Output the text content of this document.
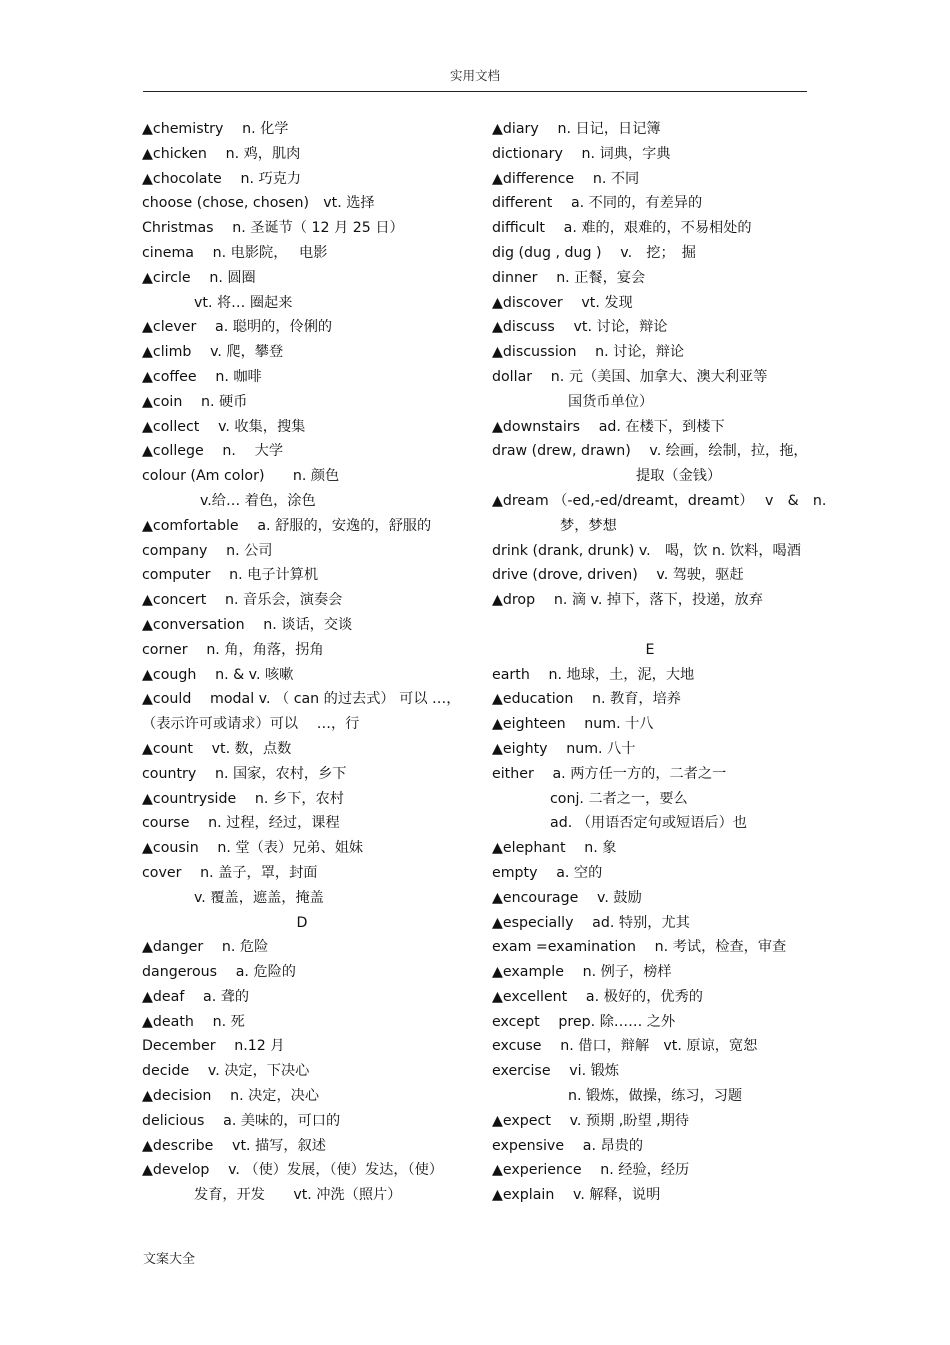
实用文档
▲chemistry　 n. 化学
▲chicken　 n. 鸡，肌肉
▲chocolate　 n. 巧克力
choose (chose, chosen)　vt. 选择
Christmas　 n. 圣诞节（ 12 月 25 日）
cinema　 n. 电影院，　 电影
▲circle　 n. 圆圈
vt. 将… 圈起来
▲clever　 a. 聪明的，伶俐的
▲climb　 v. 爬，攀登
▲coffee　 n. 咖啡
▲coin　 n. 硬币
▲collect　 v. 收集，搜集
▲college　 n.　 大学
colour (Am color)　　n. 颜色
v.给… 着色，涂色
▲comfortable　 a. 舒服的，安逸的，舒服的
company　 n. 公司
computer　 n. 电子计算机
▲concert　 n. 音乐会，演奏会
▲conversation　 n. 谈话，交谈
corner　 n. 角，角落，拐角
▲cough　 n. & v. 咳嗽
▲could　 modal v. （ can 的过去式） 可以 …，
（表示许可或请求）可以　 …，行
▲count　 vt. 数，点数
country　 n. 国家，农村，乡下
▲countryside　 n. 乡下，农村
course　 n. 过程，经过，课程
▲cousin　 n. 堂（表）兄弟、姐妹
cover　 n. 盖子，罩，封面
v. 覆盖，遮盖，掩盖
D
▲danger　 n. 危险
dangerous　 a. 危险的
▲deaf　 a. 聋的
▲death　 n. 死
December　 n.12 月
decide　 v. 决定，下决心
▲decision　 n. 决定，决心
delicious　 a. 美味的，可口的
▲describe　 vt. 描写，叙述
▲develop　 v. （使）发展，（使）发达，（使）
发育，开发　　vt. 冲洗（照片）
▲diary　 n. 日记，日记簿
dictionary　 n. 词典，字典
▲difference　 n. 不同
different　 a. 不同的，有差异的
difficult　 a. 难的，艰难的，不易相处的
dig (dug , dug )　 v.　挖；　掘
dinner　 n. 正餐，宴会
▲discover　 vt. 发现
▲discuss　 vt. 讨论，辩论
▲discussion　 n. 讨论，辩论
dollar　 n. 元（美国、加拿大、澳大利亚等
国货币单位）
▲downstairs　 ad. 在楼下，到楼下
draw (drew, drawn)　 v. 绘画，绘制，拉，拖，
提取（金钱）
▲dream （-ed,-ed/dreamt，dreamt）　 v　&　n.
梦，梦想
drink (drank, drunk) v.　喝，饮 n. 饮料，喝酒
drive (drove, driven)　 v. 驾驶，驱赶
▲drop　 n. 滴 v. 掉下，落下，投递，放弃
E
earth　 n. 地球，土，泥，大地
▲education　 n. 教育，培养
▲eighteen　 num. 十八
▲eighty　 num. 八十
either　 a. 两方任一方的，二者之一
conj. 二者之一，要么
ad. （用语否定句或短语后）也
▲elephant　 n. 象
empty　 a. 空的
▲encourage　 v. 鼓励
▲especially　 ad. 特别，尤其
exam =examination　 n. 考试，检查，审查
▲example　 n. 例子，榜样
▲excellent　 a. 极好的，优秀的
except　 prep. 除…… 之外
excuse　 n. 借口，辩解　vt. 原谅，宽恕
exercise　 vi. 锻炼
n. 锻炼，做操，练习，习题
▲expect　 v. 预期 ,盼望 ,期待
expensive　 a. 昂贵的
▲experience　 n. 经验，经历
▲explain　 v. 解释，说明
文案大全
